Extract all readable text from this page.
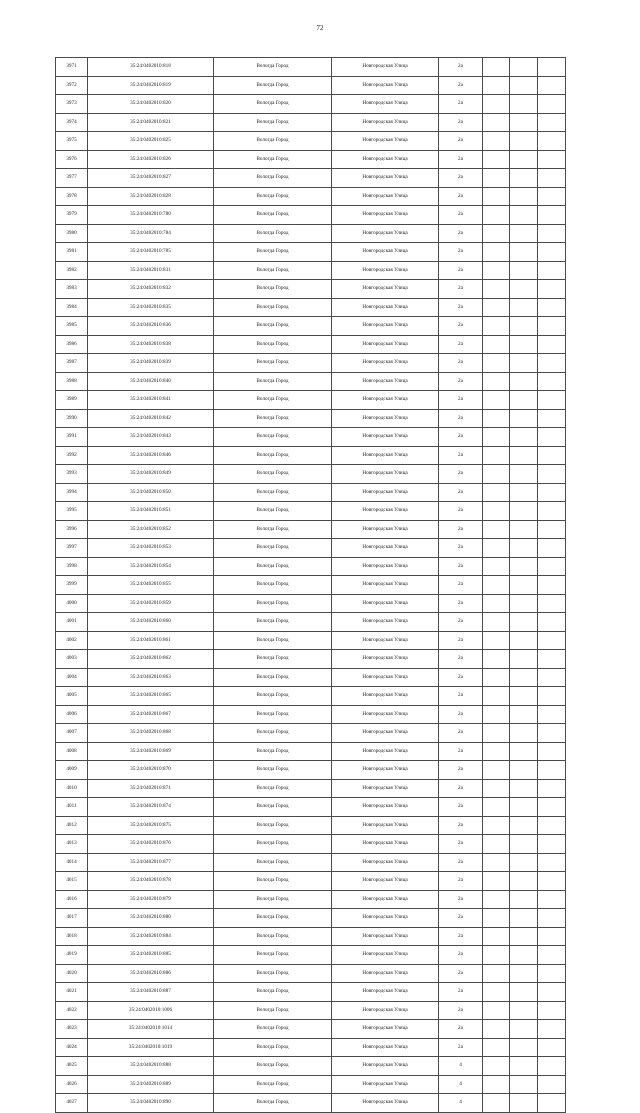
72
3971	35:24:0402010:818	Вологда Город	Новгородская Улица	2а			
3972	35:24:0402010:819	Вологда Город	Новгородская Улица	2а			
3973	35:24:0402010:820	Вологда Город	Новгородская Улица	2а			
3974	35:24:0402010:821	Вологда Город	Новгородская Улица	2а			
3975	35:24:0402010:825	Вологда Город	Новгородская Улица	2а			
3976	35:24:0402010:826	Вологда Город	Новгородская Улица	2а			
3977	35:24:0402010:827	Вологда Город	Новгородская Улица	2а			
3978	35:24:0402010:828	Вологда Город	Новгородская Улица	2а			
3979	35:24:0402010:780	Вологда Город	Новгородская Улица	2а			
3980	35:24:0402010:784	Вологда Город	Новгородская Улица	2а			
3981	35:24:0402010:785	Вологда Город	Новгородская Улица	2а			
3982	35:24:0402010:831	Вологда Город	Новгородская Улица	2а			
3983	35:24:0402010:832	Вологда Город	Новгородская Улица	2а			
3984	35:24:0402010:835	Вологда Город	Новгородская Улица	2а			
3985	35:24:0402010:836	Вологда Город	Новгородская Улица	2а			
3986	35:24:0402010:838	Вологда Город	Новгородская Улица	2а			
3987	35:24:0402010:839	Вологда Город	Новгородская Улица	2а			
3988	35:24:0402010:840	Вологда Город	Новгородская Улица	2а			
3989	35:24:0402010:841	Вологда Город	Новгородская Улица	2а			
3990	35:24:0402010:842	Вологда Город	Новгородская Улица	2а			
3991	35:24:0402010:843	Вологда Город	Новгородская Улица	2а			
3992	35:24:0402010:846	Вологда Город	Новгородская Улица	2а			
3993	35:24:0402010:849	Вологда Город	Новгородская Улица	2а			
3994	35:24:0402010:850	Вологда Город	Новгородская Улица	2а			
3995	35:24:0402010:851	Вологда Город	Новгородская Улица	2а			
3996	35:24:0402010:852	Вологда Город	Новгородская Улица	2а			
3997	35:24:0402010:853	Вологда Город	Новгородская Улица	2а			
3998	35:24:0402010:854	Вологда Город	Новгородская Улица	2а			
3999	35:24:0402010:855	Вологда Город	Новгородская Улица	2а			
4000	35:24:0402010:859	Вологда Город	Новгородская Улица	2а			
4001	35:24:0402010:860	Вологда Город	Новгородская Улица	2а			
4002	35:24:0402010:861	Вологда Город	Новгородская Улица	2а			
4003	35:24:0402010:862	Вологда Город	Новгородская Улица	2а			
4004	35:24:0402010:863	Вологда Город	Новгородская Улица	2а			
4005	35:24:0402010:865	Вологда Город	Новгородская Улица	2а			
4006	35:24:0402010:867	Вологда Город	Новгородская Улица	2а			
4007	35:24:0402010:868	Вологда Город	Новгородская Улица	2а			
4008	35:24:0402010:869	Вологда Город	Новгородская Улица	2а			
4009	35:24:0402010:870	Вологда Город	Новгородская Улица	2а			
4010	35:24:0402010:871	Вологда Город	Новгородская Улица	2а			
4011	35:24:0402010:874	Вологда Город	Новгородская Улица	2а			
4012	35:24:0402010:875	Вологда Город	Новгородская Улица	2а			
4013	35:24:0402010:876	Вологда Город	Новгородская Улица	2а			
4014	35:24:0402010:877	Вологда Город	Новгородская Улица	2а			
4015	35:24:0402010:878	Вологда Город	Новгородская Улица	2а			
4016	35:24:0402010:879	Вологда Город	Новгородская Улица	2а			
4017	35:24:0402010:880	Вологда Город	Новгородская Улица	2а			
4018	35:24:0402010:884	Вологда Город	Новгородская Улица	2а			
4019	35:24:0402010:885	Вологда Город	Новгородская Улица	2а			
4020	35:24:0402010:886	Вологда Город	Новгородская Улица	2а			
4021	35:24:0402010:887	Вологда Город	Новгородская Улица	2а			
4022	35:24:0402010:1006	Вологда Город	Новгородская Улица	2а			
4023	35:24:0402010:1014	Вологда Город	Новгородская Улица	2а			
4024	35:24:0402010:1019	Вологда Город	Новгородская Улица	2а			
4025	35:24:0402010:888	Вологда Город	Новгородская Улица	4			
4026	35:24:0402010:889	Вологда Город	Новгородская Улица	4			
4027	35:24:0402010:890	Вологда Город	Новгородская Улица	4			
